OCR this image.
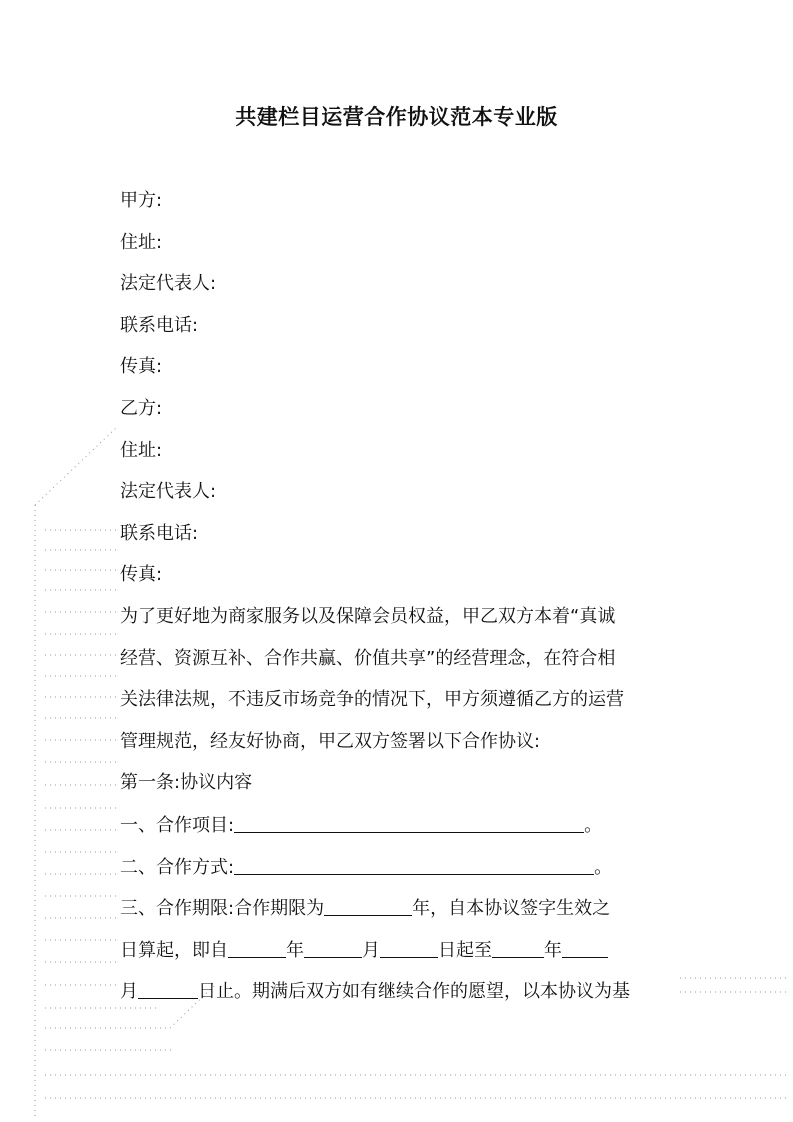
共建栏目运营合作协议范本专业版
甲方:
住址:
法定代表人:
联系电话:
传真:
乙方:
住址:
法定代表人:
联系电话:
传真:
为了更好地为商家服务以及保障会员权益，甲乙双方本着“真诚
经营、资源互补、合作共赢、价值共享”的经营理念，在符合相
关法律法规，不违反市场竞争的情况下，甲方须遵循乙方的运营
管理规范，经友好协商，甲乙双方签署以下合作协议:
第一条:协议内容
一、合作项目:	。
二、合作方式:	。
三、合作期限:合作期限为	年，自本协议签字生效之
日算起，即自	年	月	日起至	年
月	日止。期满后双方如有继续合作的愿望，以本协议为基
